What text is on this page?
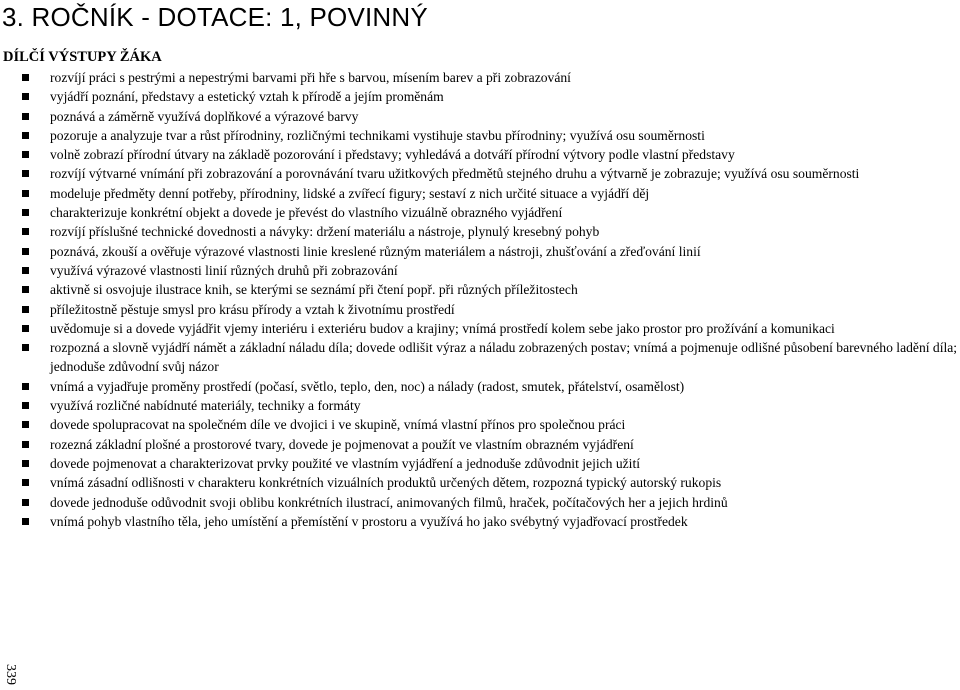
3. ROČNÍK - DOTACE: 1, POVINNÝ
DÍLČÍ VÝSTUPY ŽÁKA
rozvíjí práci s pestrými a nepestrými barvami při hře s barvou, mísením barev a při zobrazování
vyjádří poznání, představy a estetický vztah k přírodě a jejím proměnám
poznává a záměrně využívá doplňkové a výrazové barvy
pozoruje a analyzuje tvar a růst přírodniny, rozličnými technikami vystihuje stavbu přírodniny; využívá osu souměrnosti
volně zobrazí přírodní útvary na základě pozorování i představy; vyhledává a dotváří přírodní výtvory podle vlastní představy
rozvíjí výtvarné vnímání při zobrazování a porovnávání tvaru užitkových předmětů stejného druhu a výtvarně je zobrazuje; využívá osu souměrnosti
modeluje předměty denní potřeby, přírodniny, lidské a zvířecí figury; sestaví z nich určité situace a vyjádří děj
charakterizuje konkrétní objekt a dovede je převést do vlastního vizuálně obrazného vyjádření
rozvíjí příslušné technické dovednosti a návyky: držení materiálu a nástroje, plynulý kresebný pohyb
poznává, zkouší a ověřuje výrazové vlastnosti linie kreslené různým materiálem a nástroji, zhušťování a zřeďování linií
využívá výrazové vlastnosti linií různých druhů při zobrazování
aktivně si osvojuje ilustrace knih, se kterými se seznámí při čtení popř. při různých příležitostech
příležitostně pěstuje smysl pro krásu přírody a vztah k životnímu prostředí
uvědomuje si a dovede vyjádřit vjemy interiéru i exteriéru budov a krajiny; vnímá prostředí kolem sebe jako prostor pro prožívání a komunikaci
rozpozná a slovně vyjádří námět a základní náladu díla; dovede odlišit výraz a náladu zobrazených postav; vnímá a pojmenuje odlišné působení barevného ladění díla; jednoduše zdůvodní svůj názor
vnímá a vyjadřuje proměny prostředí (počasí, světlo, teplo, den, noc) a nálady (radost, smutek, přátelství, osamělost)
využívá rozličné nabídnuté materiály, techniky a formáty
dovede spolupracovat na společném díle ve dvojici i ve skupině, vnímá vlastní přínos pro společnou práci
rozezná základní plošné a prostorové tvary, dovede je pojmenovat a použít ve vlastním obrazném vyjádření
dovede pojmenovat a charakterizovat prvky použité ve vlastním vyjádření a jednoduše zdůvodnit jejich užití
vnímá zásadní odlišnosti v charakteru konkrétních vizuálních produktů určených dětem, rozpozná typický autorský rukopis
dovede jednoduše odůvodnit svoji oblibu konkrétních ilustrací, animovaných filmů, hraček, počítačových her a jejich hrdinů
vnímá pohyb vlastního těla, jeho umístění a přemístění v prostoru a využívá ho jako svébytný vyjadřovací prostředek
339
